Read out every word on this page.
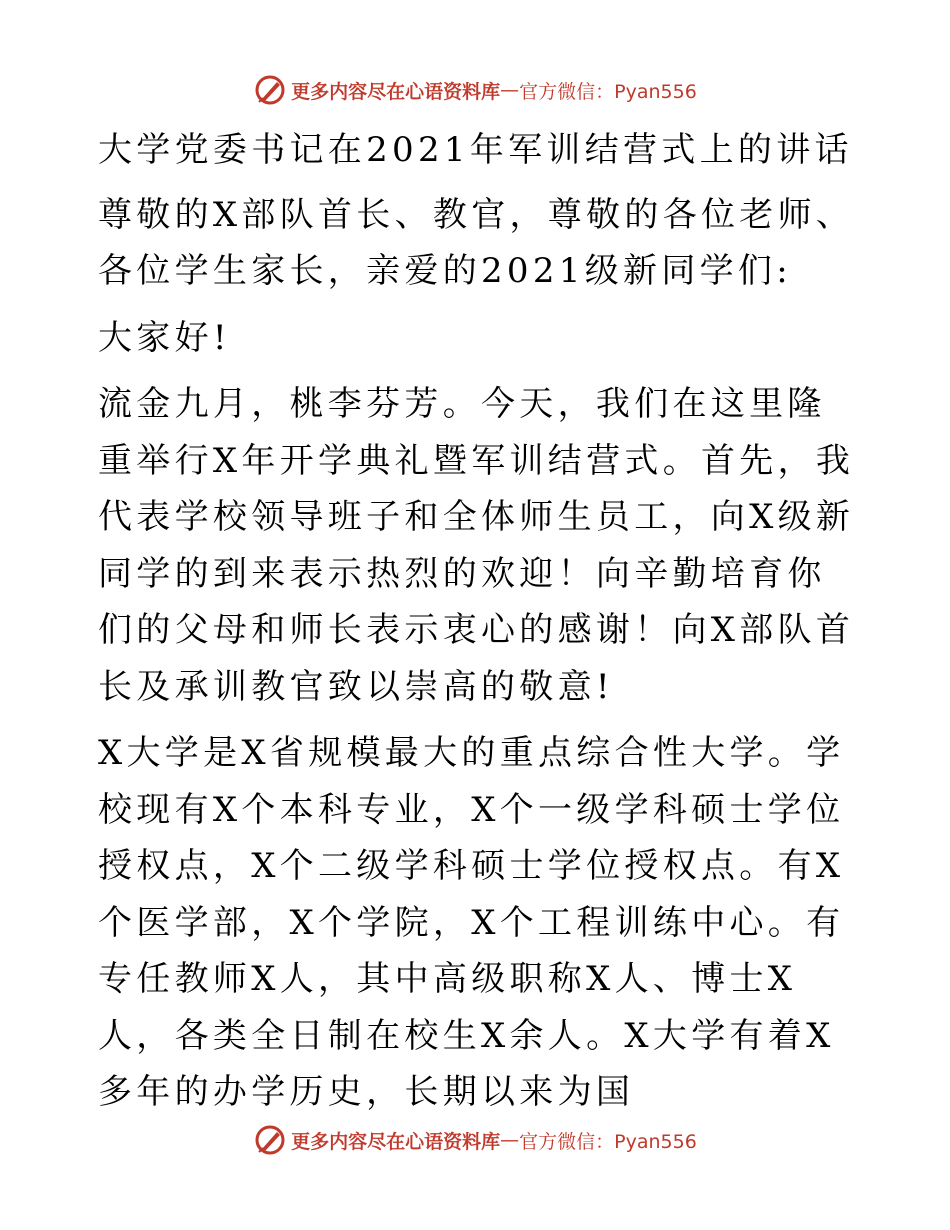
更多内容尽在心语资料库 — 官方微信：Pyan556

大学党委书记在2021年军训结营式上的讲话

尊敬的X部队首长、教官，尊敬的各位老师、各位学生家长，亲爱的2021级新同学们:

大家好!

流金九月，桃李芬芳。今天，我们在这里隆重举行X年开学典礼暨军训结营式。首先，我代表学校领导班子和全体师生员工，向X级新同学的到来表示热烈的欢迎！向辛勤培育你们的父母和师长表示衷心的感谢！向X部队首长及承训教官致以崇高的敬意!

X大学是X省规模最大的重点综合性大学。学校现有X个本科专业，X个一级学科硕士学位授权点，X个二级学科硕士学位授权点。有X个医学部，X个学院，X个工程训练中心。有专任教师X人，其中高级职称X人、博士X人，各类全日制在校生X余人。X大学有着X多年的办学历史，长期以来为国

更多内容尽在心语资料库 — 官方微信：Pyan556
